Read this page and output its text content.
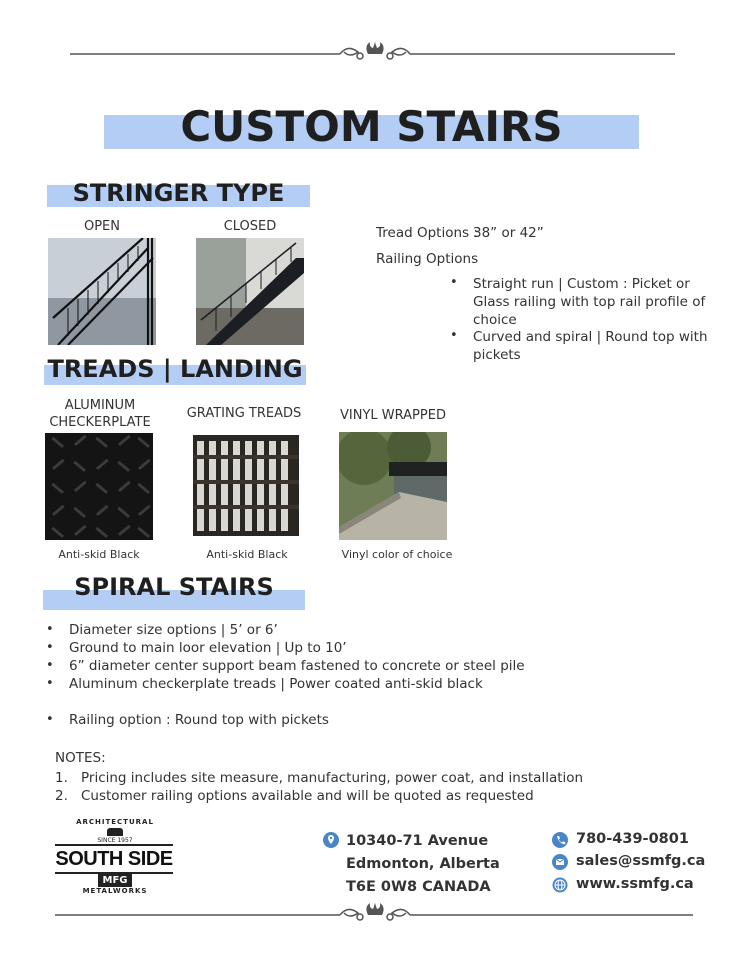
CUSTOM STAIRS
STRINGER TYPE
OPEN	CLOSED	Tread Options :
38” or 42”
Railing Options
• Straight run | Custom : Picket or Glass railing with top rail profile of choice
• Curved and spiral | Round top with pickets
TREADS | LANDING
ALUMINUM
CHECKERPLATE
GRATING TREADS	VINYL WRAPPED
Anti-skid Black	Anti-skid Black	Vinyl color of choice
SPIRAL STAIRS
• Diameter size options | 5’ or 6’
• Ground to main loor elevation | Up to 10’
• 6” diameter center support beam fastened to concrete or steel pile
• Aluminum checkerplate treads | Power coated anti-skid black
• Railing option : Round top with pickets
NOTES:
1. Pricing includes site measure, manufacturing, power coat, and installation
2. Customer railing options available and will be quoted as requested
ARCHITECTURAL
SINCE 1957
SOUTH SIDE
MFG
METALWORKS
10340-71 Avenue
Edmonton, Alberta
T6E 0W8 CANADA
780-439-0801
sales@ssmfg.ca
www.ssmfg.ca
